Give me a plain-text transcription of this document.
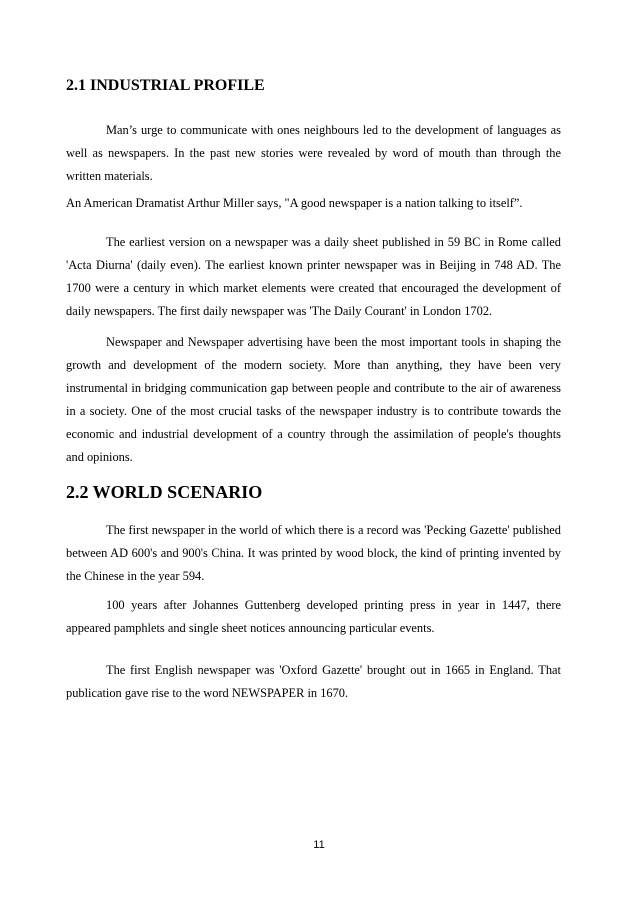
2.1 INDUSTRIAL PROFILE

Man’s urge to communicate with ones neighbours led to the development of languages as well as newspapers. In the past new stories were revealed by word of mouth than through the written materials.

An American Dramatist Arthur Miller says, "A good newspaper is a nation talking to itself”.

The earliest version on a newspaper was a daily sheet published in 59 BC in Rome called 'Acta Diurna' (daily even). The earliest known printer newspaper was in Beijing in 748 AD. The 1700 were a century in which market elements were created that encouraged the development of daily newspapers. The first daily newspaper was 'The Daily Courant' in London 1702.

Newspaper and Newspaper advertising have been the most important tools in shaping the growth and development of the modern society. More than anything, they have been very instrumental in bridging communication gap between people and contribute to the air of awareness in a society. One of the most crucial tasks of the newspaper industry is to contribute towards the economic and industrial development of a country through the assimilation of people's thoughts and opinions.

2.2 WORLD SCENARIO

The first newspaper in the world of which there is a record was 'Pecking Gazette' published between AD 600's and 900's China. It was printed by wood block, the kind of printing invented by the Chinese in the year 594.

100 years after Johannes Guttenberg developed printing press in year in 1447, there appeared pamphlets and single sheet notices announcing particular events.

The first English newspaper was 'Oxford Gazette' brought out in 1665 in England. That publication gave rise to the word NEWSPAPER in 1670.

11
